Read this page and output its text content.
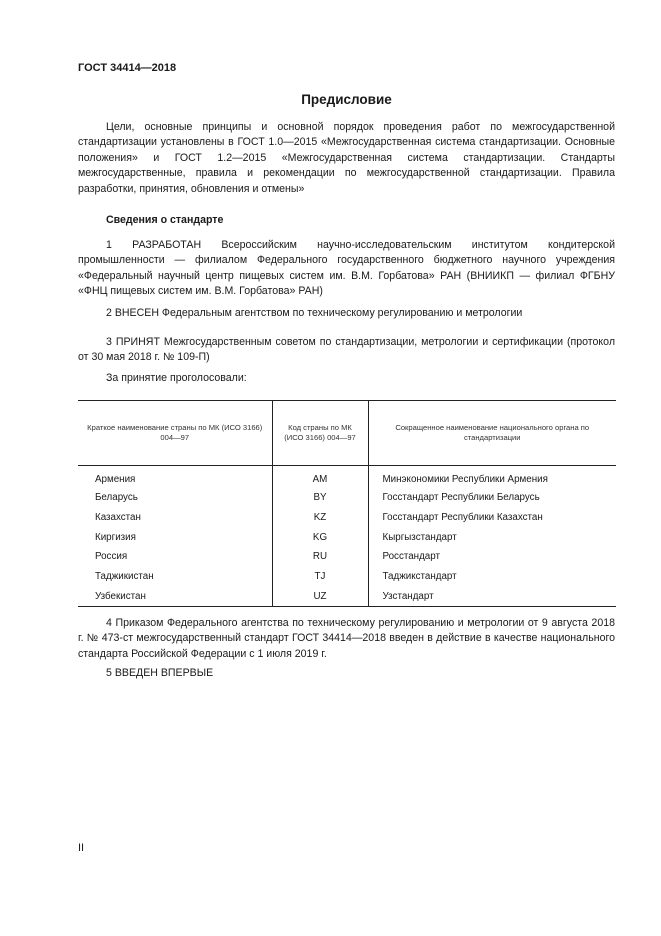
ГОСТ 34414—2018
Предисловие
Цели, основные принципы и основной порядок проведения работ по межгосударственной стандартизации установлены в ГОСТ 1.0—2015 «Межгосударственная система стандартизации. Основные положения» и ГОСТ 1.2—2015 «Межгосударственная система стандартизации. Стандарты межгосударственные, правила и рекомендации по межгосударственной стандартизации. Правила разработки, принятия, обновления и отмены»
Сведения о стандарте
1 РАЗРАБОТАН Всероссийским научно-исследовательским институтом кондитерской промышленности — филиалом Федерального государственного бюджетного научного учреждения «Федеральный научный центр пищевых систем им. В.М. Горбатова» РАН (ВНИИКП — филиал ФГБНУ «ФНЦ пищевых систем им. В.М. Горбатова» РАН)
2 ВНЕСЕН Федеральным агентством по техническому регулированию и метрологии
3 ПРИНЯТ Межгосударственным советом по стандартизации, метрологии и сертификации (протокол от 30 мая 2018 г. № 109-П)
За принятие проголосовали:
Краткое наименование страны по МК (ИСО 3166) 004—97	Код страны по МК (ИСО 3166) 004—97	Сокращенное наименование национального органа по стандартизации
Армения	AM	Минэкономики Республики Армения
Беларусь	BY	Госстандарт Республики Беларусь
Казахстан	KZ	Госстандарт Республики Казахстан
Киргизия	KG	Кыргызстандарт
Россия	RU	Росстандарт
Таджикистан	TJ	Таджикстандарт
Узбекистан	UZ	Узстандарт
4 Приказом Федерального агентства по техническому регулированию и метрологии от 9 августа 2018 г. № 473-ст межгосударственный стандарт ГОСТ 34414—2018 введен в действие в качестве национального стандарта Российской Федерации с 1 июля 2019 г.
5 ВВЕДЕН ВПЕРВЫЕ
II
